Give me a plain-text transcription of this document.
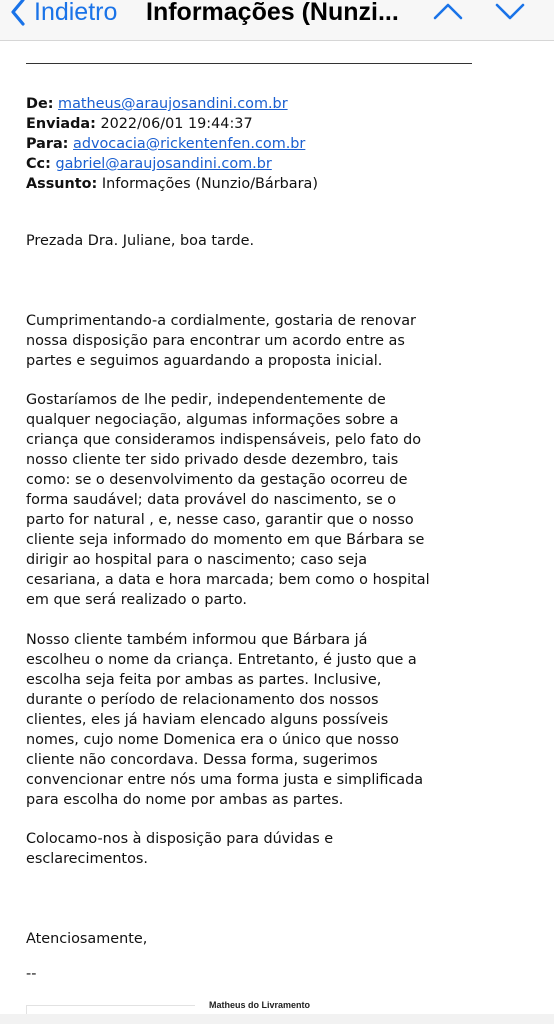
Indietro Informações (Nunzi...
De: matheus@araujosandini.com.br
Enviada: 2022/06/01 19:44:37
Para: advocacia@rickentenfen.com.br
Cc: gabriel@araujosandini.com.br
Assunto: Informações (Nunzio/Bárbara)

Prezada Dra. Juliane, boa tarde.

Cumprimentando-a cordialmente, gostaria de renovar

nossa disposição para encontrar um acordo entre as

partes e seguimos aguardando a proposta inicial.

Gostaríamos de lhe pedir, independentemente de

qualquer negociação, algumas informações sobre a

criança que consideramos indispensáveis, pelo fato do

nosso cliente ter sido privado desde dezembro, tais

como: se o desenvolvimento da gestação ocorreu de

forma saudável; data provável do nascimento, se o

parto for natural , e, nesse caso, garantir que o nosso

cliente seja informado do momento em que Bárbara se

dirigir ao hospital para o nascimento; caso seja

cesariana, a data e hora marcada; bem como o hospital

em que será realizado o parto.

Nosso cliente também informou que Bárbara já

escolheu o nome da criança. Entretanto, é justo que a

escolha seja feita por ambas as partes. Inclusive,

durante o período de relacionamento dos nossos

clientes, eles já haviam elencado alguns possíveis

nomes, cujo nome Domenica era o único que nosso

cliente não concordava. Dessa forma, sugerimos

convencionar entre nós uma forma justa e simplificada

para escolha do nome por ambas as partes.

Colocamo-nos à disposição para dúvidas e

esclarecimentos.

Atenciosamente,

--

Matheus do Livramento
